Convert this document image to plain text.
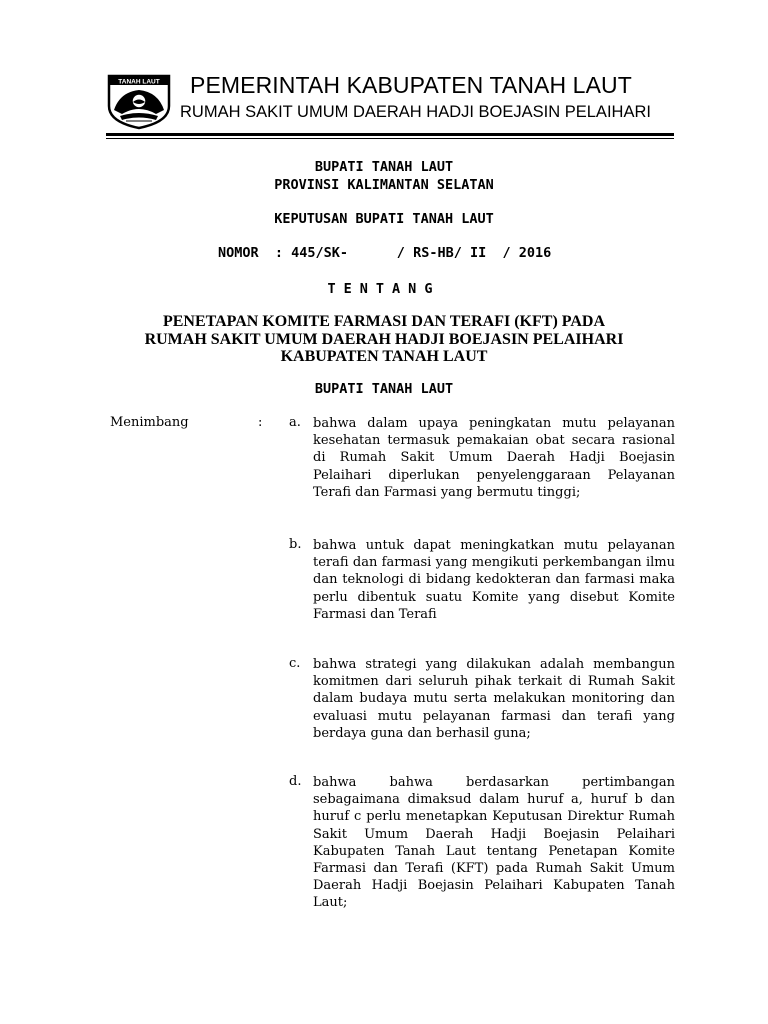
TANAH LAUT PEMERINTAH KABUPATEN TANAH LAUT
RUMAH SAKIT UMUM DAERAH HADJI BOEJASIN PELAIHARI
BUPATI TANAH LAUT
PROVINSI KALIMANTAN SELATAN
KEPUTUSAN BUPATI TANAH LAUT
NOMOR  : 445/SK-      / RS-HB/ II  / 2016
TENTANG
PENETAPAN KOMITE FARMASI DAN TERAFI (KFT) PADA
RUMAH SAKIT UMUM DAERAH HADJI BOEJASIN PELAIHARI
KABUPATEN TANAH LAUT
BUPATI TANAH LAUT
Menimbang	: a. bahwa dalam upaya peningkatan mutu pelayanan kesehatan termasuk pemakaian obat secara rasional di Rumah Sakit Umum Daerah Hadji Boejasin Pelaihari diperlukan penyelenggaraan Pelayanan Terafi dan Farmasi yang bermutu tinggi;
b. bahwa untuk dapat meningkatkan mutu pelayanan terafi dan farmasi yang mengikuti perkembangan ilmu dan teknologi di bidang kedokteran dan farmasi maka perlu dibentuk suatu Komite yang disebut Komite Farmasi dan Terafi
c. bahwa strategi yang dilakukan adalah membangun komitmen dari seluruh pihak terkait di Rumah Sakit dalam budaya mutu serta melakukan monitoring dan evaluasi mutu pelayanan farmasi dan terafi yang berdaya guna dan berhasil guna;
d. bahwa bahwa berdasarkan pertimbangan sebagaimana dimaksud dalam huruf a, huruf b dan huruf c perlu menetapkan Keputusan Direktur Rumah Sakit Umum Daerah Hadji Boejasin Pelaihari Kabupaten Tanah Laut tentang Penetapan Komite Farmasi dan Terafi (KFT) pada Rumah Sakit Umum Daerah Hadji Boejasin Pelaihari Kabupaten Tanah Laut;
